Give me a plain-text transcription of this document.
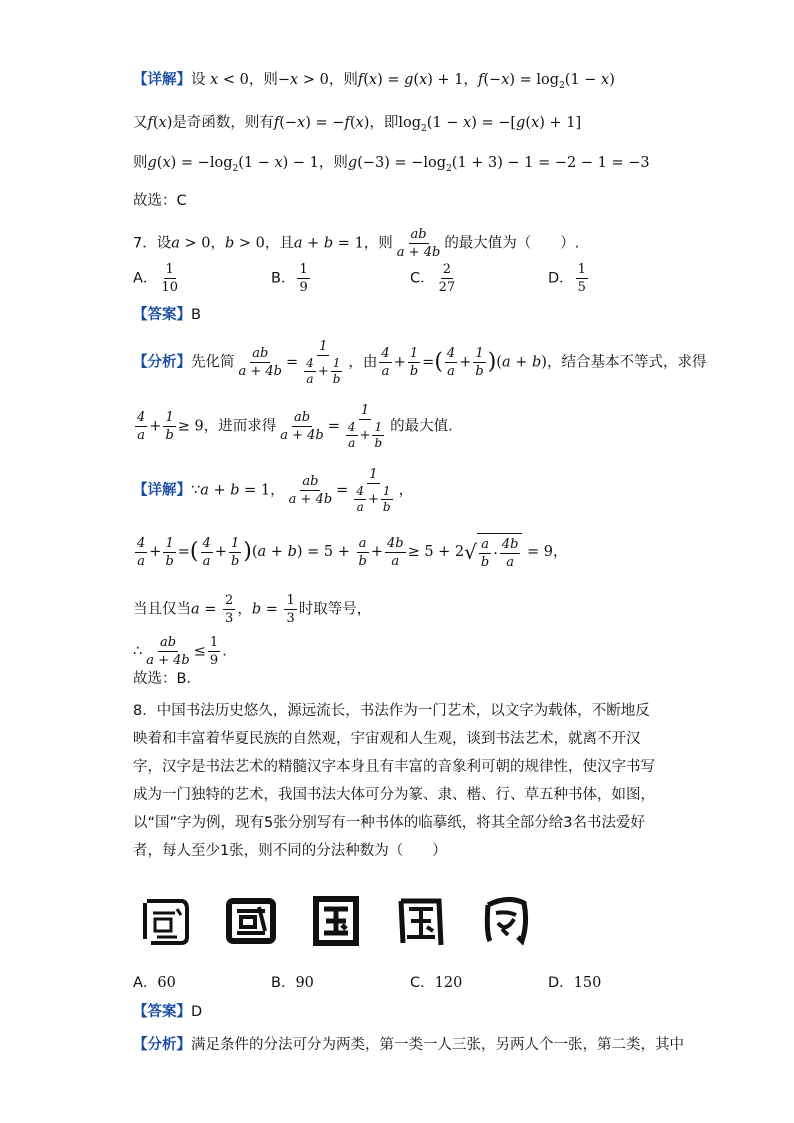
【详解】设 x < 0，则−x > 0，则f(x) = g(x) + 1，$f(-x) = \log_2(1 - x)$
又f(x)是奇函数，则有f(−x) = −f(x)，即$\log_2(1 - x) = -[g(x) + 1]$
则$g(x) = -\log_2(1 - x) - 1$，则$g(-3) = -\log_2(1 + 3) - 1 = -2 - 1 = -3$
故选：C
7．设a > 0，b > 0，且a + b = 1，则 $\frac{ab}{a + 4b}$ 的最大值为（　　）.
A． $\frac{1}{10}$	B． $\frac{1}{9}$	C． $\frac{2}{27}$	D． $\frac{1}{5}$
【答案】B
【分析】先化简 $\frac{ab}{a + 4b} = \frac{1}{\frac{4}{a} + \frac{1}{b}}$ ，由 $\frac{4}{a} + \frac{1}{b}$ =( $\frac{4}{a} + \frac{1}{b} )(a + b)$，结合基本不等式，求得
$\frac{4}{a} + \frac{1}{b} \ge 9$，进而求得 $\frac{ab}{a + 4b} = \frac{1}{\frac{4}{a} + \frac{1}{b}}$ 的最大值.
【详解】∵a + b = 1， $\frac{ab}{a + 4b} = \frac{1}{\frac{4}{a} + \frac{1}{b}}$ ，
$\frac{4}{a} + \frac{1}{b}$ =( $\frac{4}{a} + \frac{1}{b} )(a + b) = 5 + \frac{a}{b} + \frac{4b}{a} \ge 5 + 2$ √ $\frac{a}{b} \cdot \frac{4b}{a} = 9$，
当且仅当$a = \frac{2}{3}$ ，$b = \frac{1}{3}$ 时取等号，
∴ $\frac{ab}{a + 4b} \le \frac{1}{9}$ .
故选：B．
8．中国书法历史悠久，源远流长，书法作为一门艺术，以文字为载体，不断地反映着和丰富着华夏民族的自然观，宇宙观和人生观，谈到书法艺术，就离不开汉字，汉字是书法艺术的精髓汉字本身且有丰富的音象利可朝的规律性，使汉字书写成为一门独特的艺术，我国书法大体可分为篆、隶、楷、行、草五种书体，如图，以“国”字为例，现有5张分别写有一种书体的临摹纸，将其全部分给3名书法爱好者，每人至少1张，则不同的分法种数为（　　）
A．60	B．90	C．120	D．150
【答案】D
【分析】满足条件的分法可分为两类，第一类一人三张，另两人个一张，第二类，其中
